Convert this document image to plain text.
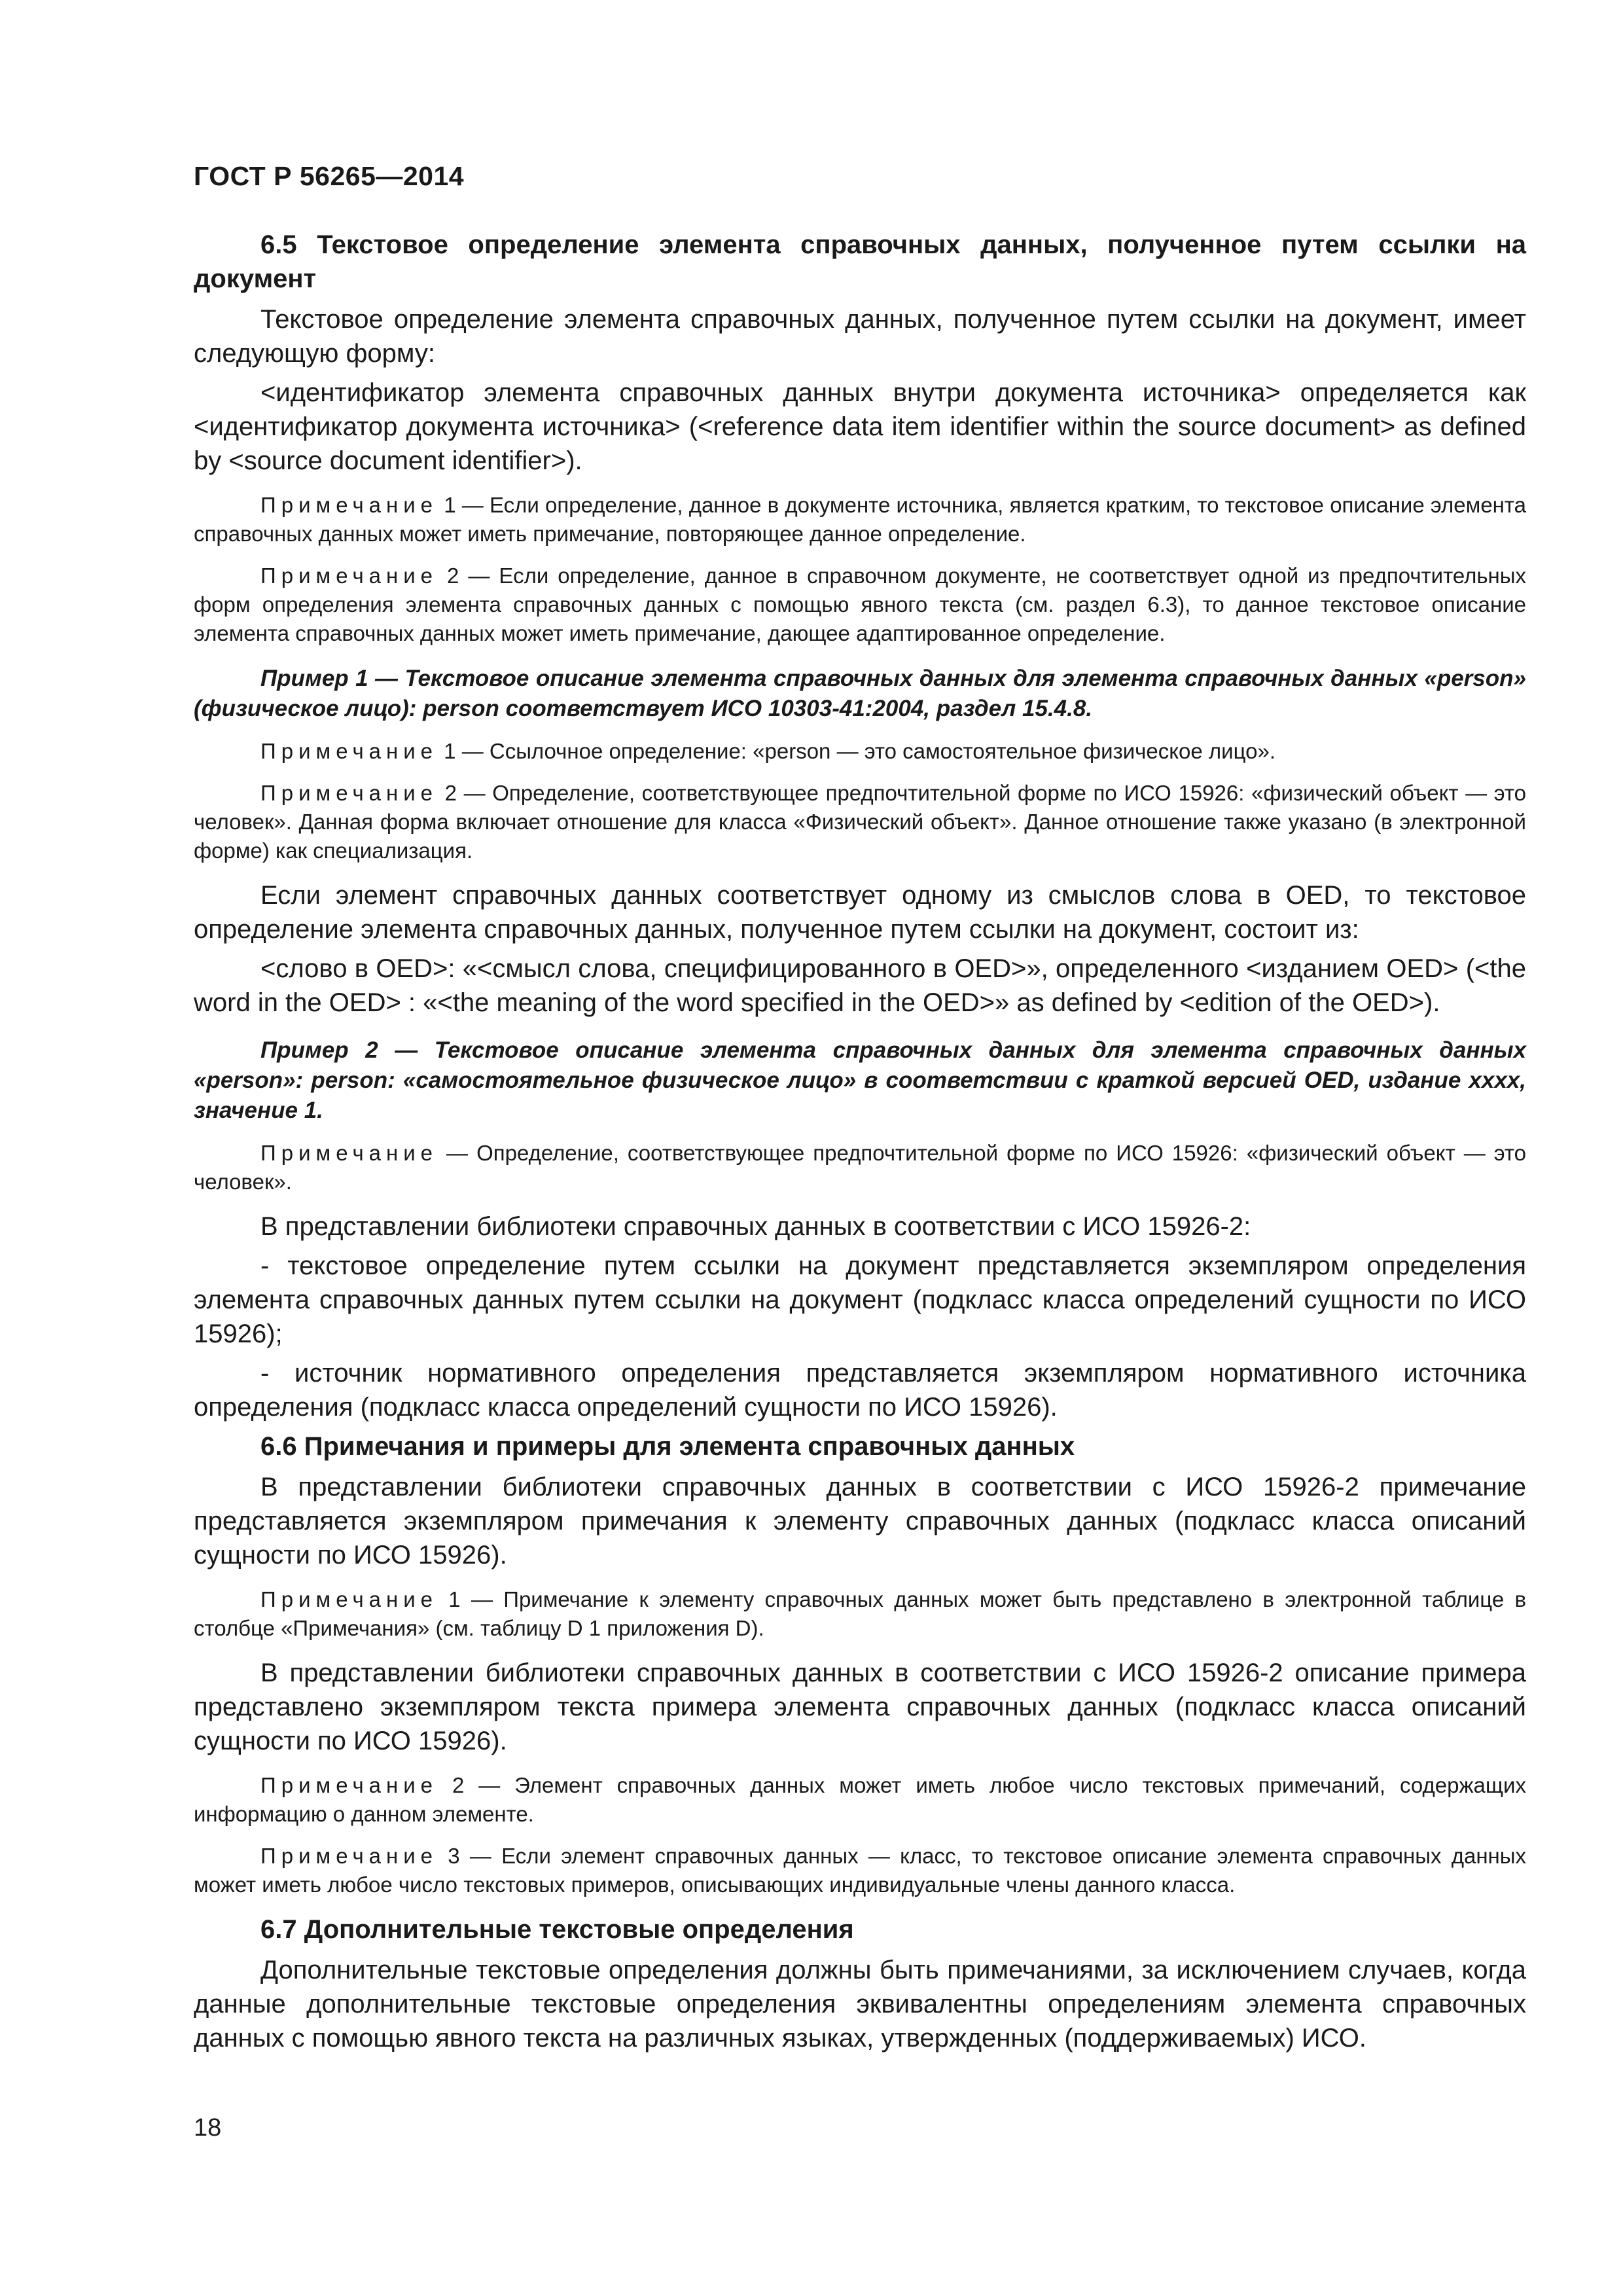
ГОСТ Р 56265—2014
6.5 Текстовое определение элемента справочных данных, полученное путем ссылки на документ

Текстовое определение элемента справочных данных, полученное путем ссылки на документ, имеет следующую форму:

<идентификатор элемента справочных данных внутри документа источника> определяется как <идентификатор документа источника> (<reference data item identifier within the source document> as defined by <source document identifier>).

Примечание 1 — Если определение, данное в документе источника, является кратким, то текстовое описание элемента справочных данных может иметь примечание, повторяющее данное определение.

Примечание 2 — Если определение, данное в справочном документе, не соответствует одной из предпочтительных форм определения элемента справочных данных с помощью явного текста (см. раздел 6.3), то данное текстовое описание элемента справочных данных может иметь примечание, дающее адаптированное определение.

Пример 1 — Текстовое описание элемента справочных данных для элемента справочных данных «person» (физическое лицо): person соответствует ИСО 10303-41:2004, раздел 15.4.8.

Примечание 1 — Ссылочное определение: «person — это самостоятельное физическое лицо».

Примечание 2 — Определение, соответствующее предпочтительной форме по ИСО 15926: «физический объект — это человек». Данная форма включает отношение для класса «Физический объект». Данное отношение также указано (в электронной форме) как специализация.

Если элемент справочных данных соответствует одному из смыслов слова в OED, то текстовое определение элемента справочных данных, полученное путем ссылки на документ, состоит из:

<слово в OED>: «<смысл слова, специфицированного в OED>», определенного <изданием OED> (<the word in the OED> : «<the meaning of the word specified in the OED>» as defined by <edition of the OED>).

Пример 2 — Текстовое описание элемента справочных данных для элемента справочных данных «person»: person: «самостоятельное физическое лицо» в соответствии с краткой версией OED, издание xxxx, значение 1.

Примечание — Определение, соответствующее предпочтительной форме по ИСО 15926: «физический объект — это человек».

В представлении библиотеки справочных данных в соответствии с ИСО 15926-2:

- текстовое определение путем ссылки на документ представляется экземпляром определения элемента справочных данных путем ссылки на документ (подкласс класса определений сущности по ИСО 15926);

- источник нормативного определения представляется экземпляром нормативного источника определения (подкласс класса определений сущности по ИСО 15926).

6.6 Примечания и примеры для элемента справочных данных

В представлении библиотеки справочных данных в соответствии с ИСО 15926-2 примечание представляется экземпляром примечания к элементу справочных данных (подкласс класса описаний сущности по ИСО 15926).

Примечание 1 — Примечание к элементу справочных данных может быть представлено в электронной таблице в столбце «Примечания» (см. таблицу D 1 приложения D).

В представлении библиотеки справочных данных в соответствии с ИСО 15926-2 описание примера представлено экземпляром текста примера элемента справочных данных (подкласс класса описаний сущности по ИСО 15926).

Примечание 2 — Элемент справочных данных может иметь любое число текстовых примечаний, содержащих информацию о данном элементе.

Примечание 3 — Если элемент справочных данных — класс, то текстовое описание элемента справочных данных может иметь любое число текстовых примеров, описывающих индивидуальные члены данного класса.

6.7 Дополнительные текстовые определения

Дополнительные текстовые определения должны быть примечаниями, за исключением случаев, когда данные дополнительные текстовые определения эквивалентны определениям элемента справочных данных с помощью явного текста на различных языках, утвержденных (поддерживаемых) ИСО.

18
